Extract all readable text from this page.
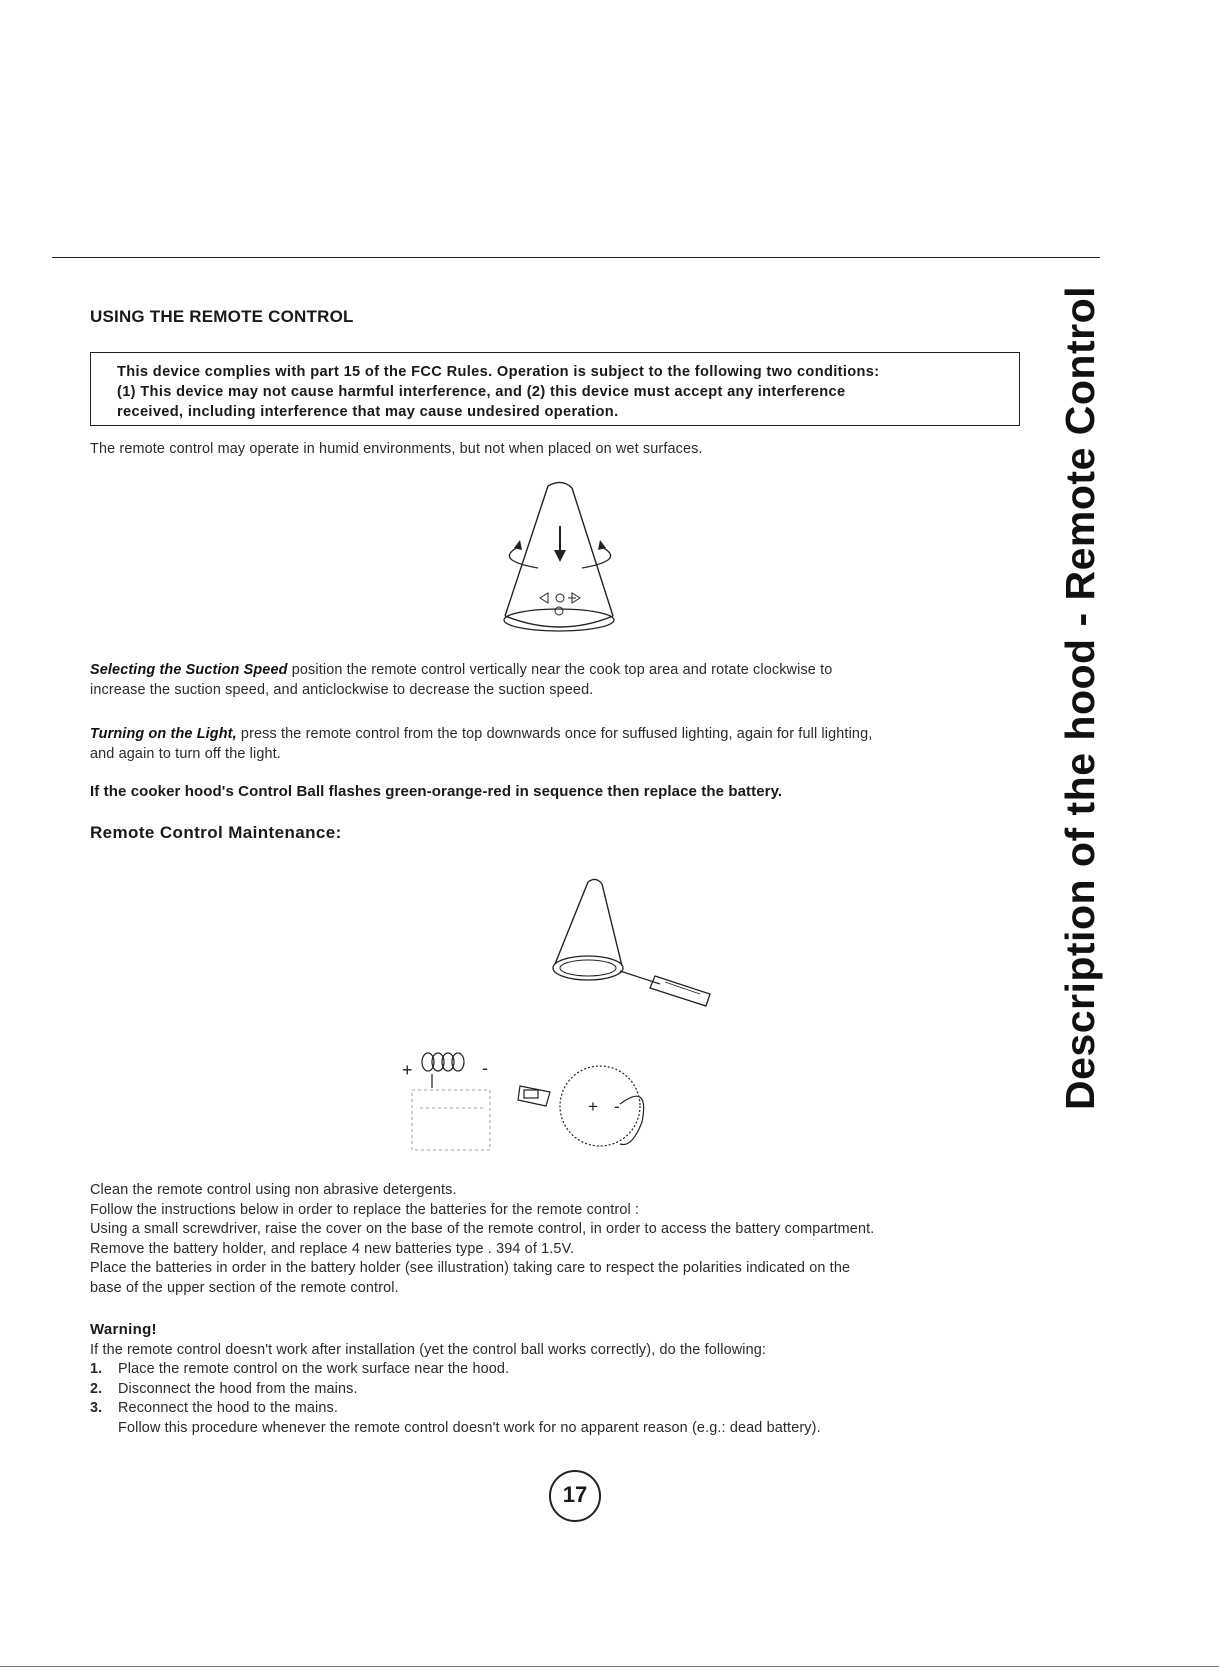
USING THE REMOTE CONTROL
This device complies with part 15 of the FCC Rules. Operation is subject to the following two conditions:
(1) This device may not cause harmful interference, and (2) this device must accept any interference
received, including interference that may cause undesired operation.
The remote control may operate in humid environments, but not when placed on wet surfaces.
Selecting the Suction Speed position the remote control vertically near the cook top area and rotate clockwise to
increase the suction speed, and anticlockwise to decrease the suction speed.
Turning on the Light, press the remote control from the top downwards once for suffused lighting, again for full lighting,
and again to turn off the light.
If the cooker hood's Control Ball flashes green-orange-red in sequence then replace the battery.
Remote Control Maintenance:
+	-
+ -
Clean the remote control using non abrasive detergents.
Follow the instructions below in order to replace the batteries for the remote control :
Using a small screwdriver, raise the cover on the base of the remote control, in order to access the battery compartment.
Remove the battery holder, and replace 4 new batteries type . 394 of 1.5V.
Place the batteries in order in the battery holder (see illustration) taking care to respect the polarities indicated on the
base of the upper section of the remote control.
Warning!
If the remote control doesn't work after installation (yet the control ball works correctly), do the following:
1. Place the remote control on the work surface near the hood.
2. Disconnect the hood from the mains.
3. Reconnect the hood to the mains.
Follow this procedure whenever the remote control doesn't work for no apparent reason (e.g.: dead battery).
Description of the hood - Remote Control
17
